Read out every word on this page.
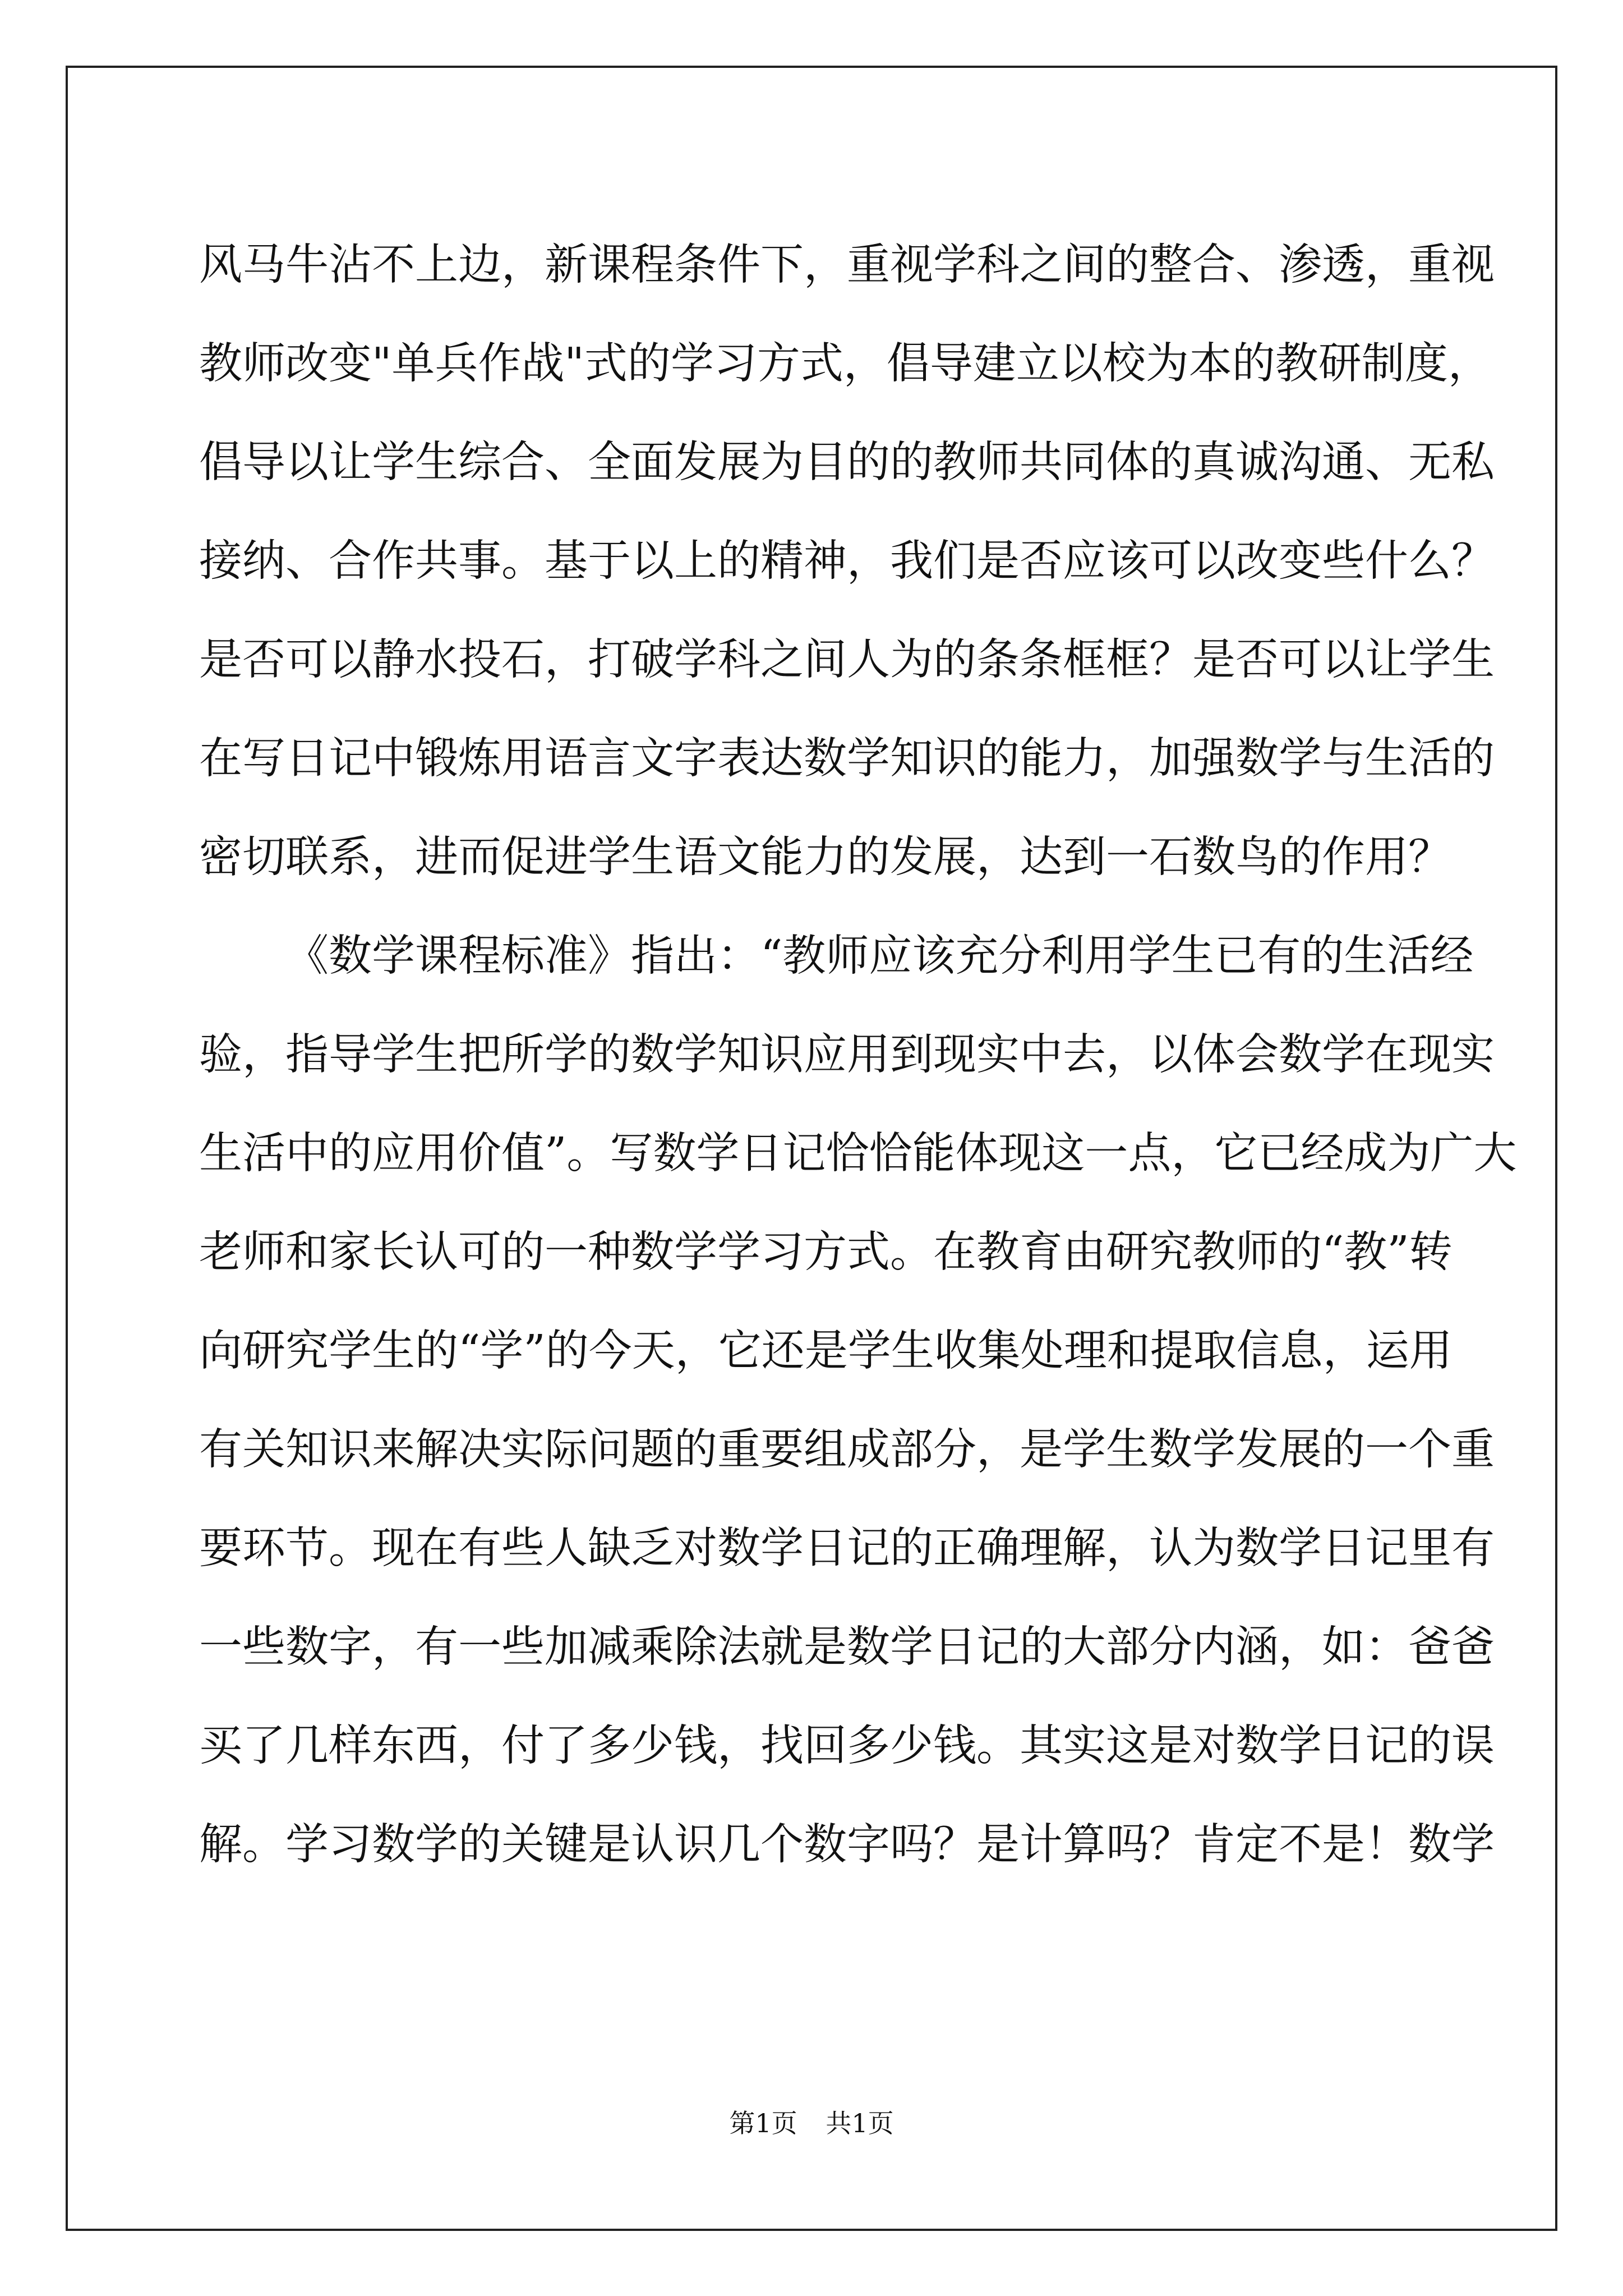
风马牛沾不上边，新课程条件下，重视学科之间的整合、渗透，重视
教师改变"单兵作战"式的学习方式，倡导建立以校为本的教研制度，
倡导以让学生综合、全面发展为目的的教师共同体的真诚沟通、无私
接纳、合作共事。基于以上的精神，我们是否应该可以改变些什么？
是否可以静水投石，打破学科之间人为的条条框框？是否可以让学生
在写日记中锻炼用语言文字表达数学知识的能力，加强数学与生活的
密切联系，进而促进学生语文能力的发展，达到一石数鸟的作用？
《数学课程标准》指出：“教师应该充分利用学生已有的生活经
验，指导学生把所学的数学知识应用到现实中去，以体会数学在现实
生活中的应用价值”。写数学日记恰恰能体现这一点，它已经成为广大
老师和家长认可的一种数学学习方式。在教育由研究教师的“教”转
向研究学生的“学”的今天，它还是学生收集处理和提取信息，运用
有关知识来解决实际问题的重要组成部分，是学生数学发展的一个重
要环节。现在有些人缺乏对数学日记的正确理解，认为数学日记里有
一些数字，有一些加减乘除法就是数学日记的大部分内涵，如：爸爸
买了几样东西，付了多少钱，找回多少钱。其实这是对数学日记的误
解。学习数学的关键是认识几个数字吗？是计算吗？肯定不是！数学
第1页 共1页
